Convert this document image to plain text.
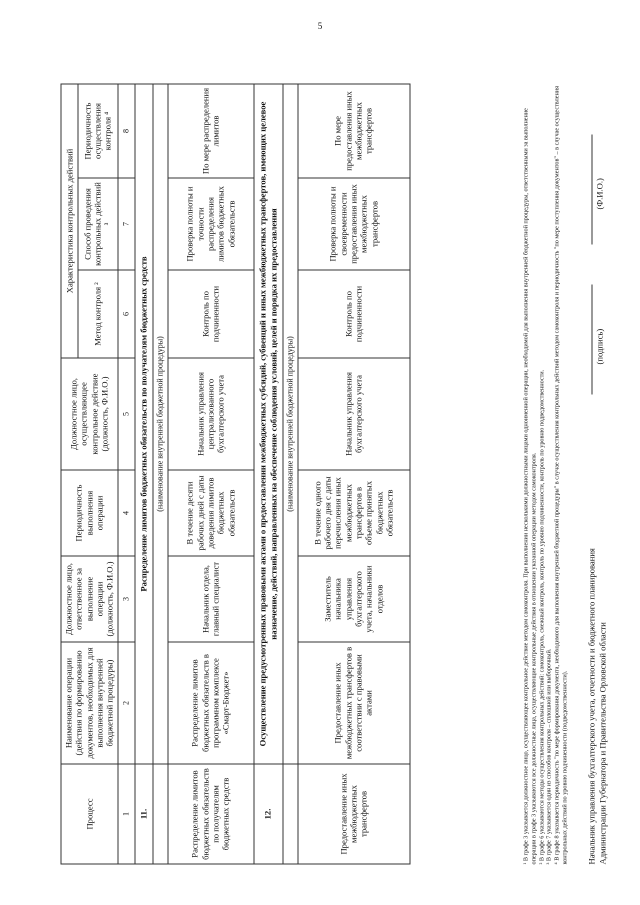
5
Процесс	Наименование операции (действия по формированию документов, необходимых для выполнения внутренней бюджетной процедуры)	Должностное лицо, ответственное за выполнение операции (должность, Ф.И.О.)	Периодичность выполнения операции	Должностное лицо, осуществляющее контрольное действие (должность, Ф.И.О.)	Характеристика контрольных действий		
					Метод контроля ²	Способ проведения контрольных действий ³	Периодичность осуществления контроля ⁴
1	2	3	4	5	6	7	8
11.	Распределение лимитов бюджетных обязательств по получателям бюджетных средств						
	(наименование внутренней бюджетной процедуры)						
Распределение лимитов бюджетных обязательств по получателям бюджетных средств	Распределение лимитов бюджетных обязательств в программном комплексе «Смарт-Бюджет»	Начальник отдела, главный специалист	В течение десяти рабочих дней с даты доведения лимитов бюджетных обязательств	Начальник управления централизованного бухгалтерского учета	Контроль по подчиненности	Проверка полноты и точности распределения лимитов бюджетных обязательств	По мере распределения лимитов
12.	Осуществление предусмотренных правовыми актами о предоставлении межбюджетных субсидий, субвенций и иных межбюджетных трансфертов, имеющих целевое назначение, действий, направленных на обеспечение соблюдения условий, целей и порядка их предоставления						
	(наименование внутренней бюджетной процедуры)						
Предоставление иных межбюджетных трансфертов	Предоставление иных межбюджетных трансфертов в соответствии с правовыми актами	Заместитель начальника управления бухгалтерского учета, начальники отделов	В течение одного рабочего дня с даты перечисления иных межбюджетных трансфертов в объеме принятых бюджетных обязательств	Начальник управления бухгалтерского учета	Контроль по подчиненности	Проверка полноты и своевременности предоставления иных межбюджетных трансфертов	По мере предоставления иных межбюджетных трансфертов	¹ В графе 3 указывается должностное лицо, осуществляющее контрольное действие методом самоконтроля. При выполнении несколькими должностными лицами одноименной операции, необходимой для выполнения внутренней бюджетной процедуры, ответственными за выполнение операции в графе 3 указываются все должностные лица, осуществляющие контрольные действия в отношении указанной операции методом самоконтроля. ² В графе 6 указываются методы осуществления контрольных действий: самоконтроль, смежный контроль, контроль по уровню подчиненности, контроль по уровню подведомственности. ³ В графе 7 указывается один из способов контроля – сплошной или выборочный. ⁴ В графе 8 указывается периодичность "по мере формирования документа, необходимого для выполнения внутренней бюджетной процедуры" в случае осуществления контрольных действий методом самоконтроля и периодичность "по мере поступления документов" – в случае осуществления контрольных действий по уровню подчиненности (подведомственности). Начальник управления бухгалтерского учета, отчетности и бюджетного планирования Администрации Губернатора и Правительства Орловской области
(подпись)
(Ф.И.О.)
